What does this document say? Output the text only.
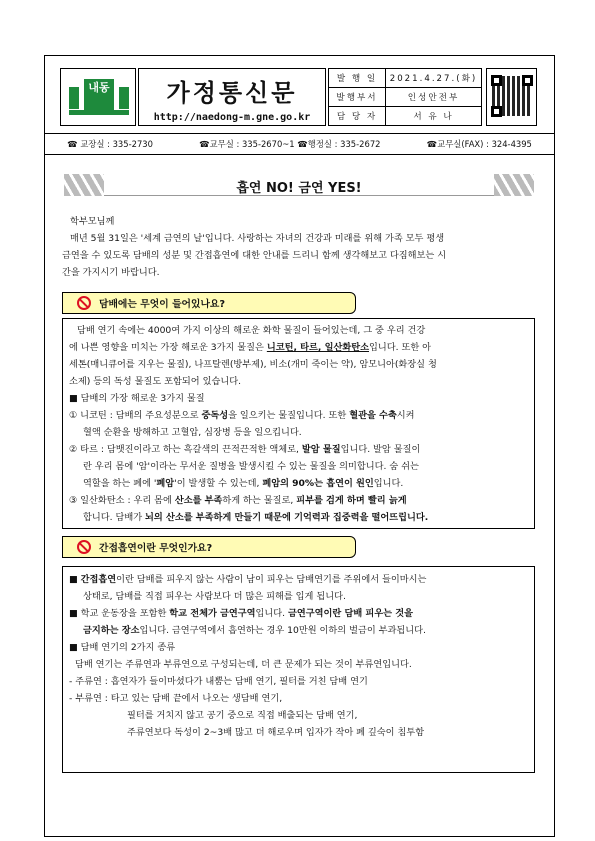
내동	가정통신문
http://naedong-m.gne.go.kr
발 행 일	2021.4.27.(화)
발행부서	인성안전부
담 당 자	서 유 나
☎ 교장실 : 335-2730	☎교무실 : 335-2670~1 ☎행정실 : 335-2672	☎교무실(FAX) : 324-4395
흡연 NO! 금연 YES!
학부모님께
매년 5월 31일은 '세계 금연의 날'입니다. 사랑하는 자녀의 건강과 미래를 위해 가족 모두 평생
금연을 수 있도록 담배의 성분 및 간접흡연에 대한 안내를 드리니 함께 생각해보고 다짐해보는 시
간을 가지시기 바랍니다.
담배에는 무엇이 들어있나요?
담배 연기 속에는 4000여 가지 이상의 해로운 화학 물질이 들어있는데, 그 중 우리 건강
에 나쁜 영향을 미치는 가장 해로운 3가지 물질은 니코틴, 타르, 일산화탄소입니다. 또한 아
세톤(매니큐어를 지우는 물질), 나프탈렌(방부제), 비소(개미 죽이는 약), 암모니아(화장실 청
소제) 등의 독성 물질도 포함되어 있습니다.
■ 담배의 가장 해로운 3가지 물질
① 니코틴 : 담배의 주요성분으로 중독성을 일으키는 물질입니다. 또한 혈관을 수축시켜
혈액 순환을 방해하고 고혈압, 심장병 등을 일으킵니다.
② 타르 : 담뱃진이라고 하는 흑갈색의 끈적끈적한 액체로, 발암 물질입니다. 발암 물질이
란 우리 몸에 '암'이라는 무서운 질병을 발생시킬 수 있는 물질을 의미합니다. 숨 쉬는
역할을 하는 폐에 '폐암'이 발생할 수 있는데, 폐암의 90%는 흡연이 원인입니다.
③ 일산화탄소 : 우리 몸에 산소를 부족하게 하는 물질로, 피부를 검게 하며 빨리 늙게
합니다. 담배가 뇌의 산소를 부족하게 만들기 때문에 기억력과 집중력을 떨어뜨립니다.
간접흡연이란 무엇인가요?
■ 간접흡연이란 담배를 피우지 않는 사람이 남이 피우는 담배연기를 주위에서 들이마시는
상태로, 담배를 직접 피우는 사람보다 더 많은 피해를 입게 됩니다.
■ 학교 운동장을 포함한 학교 전체가 금연구역입니다. 금연구역이란 담배 피우는 것을
금지하는 장소입니다. 금연구역에서 흡연하는 경우 10만원 이하의 벌금이 부과됩니다.
■ 담배 연기의 2가지 종류
담배 연기는 주류연과 부류연으로 구성되는데, 더 큰 문제가 되는 것이 부류연입니다.
- 주류연 : 흡연자가 들이마셨다가 내뿜는 담배 연기, 필터를 거친 담배 연기
- 부류연 : 타고 있는 담배 끝에서 나오는 생담배 연기,
필터를 거치지 않고 공기 중으로 직접 배출되는 담배 연기,
주류연보다 독성이 2~3배 많고 더 해로우며 입자가 작아 폐 깊숙이 침투함
